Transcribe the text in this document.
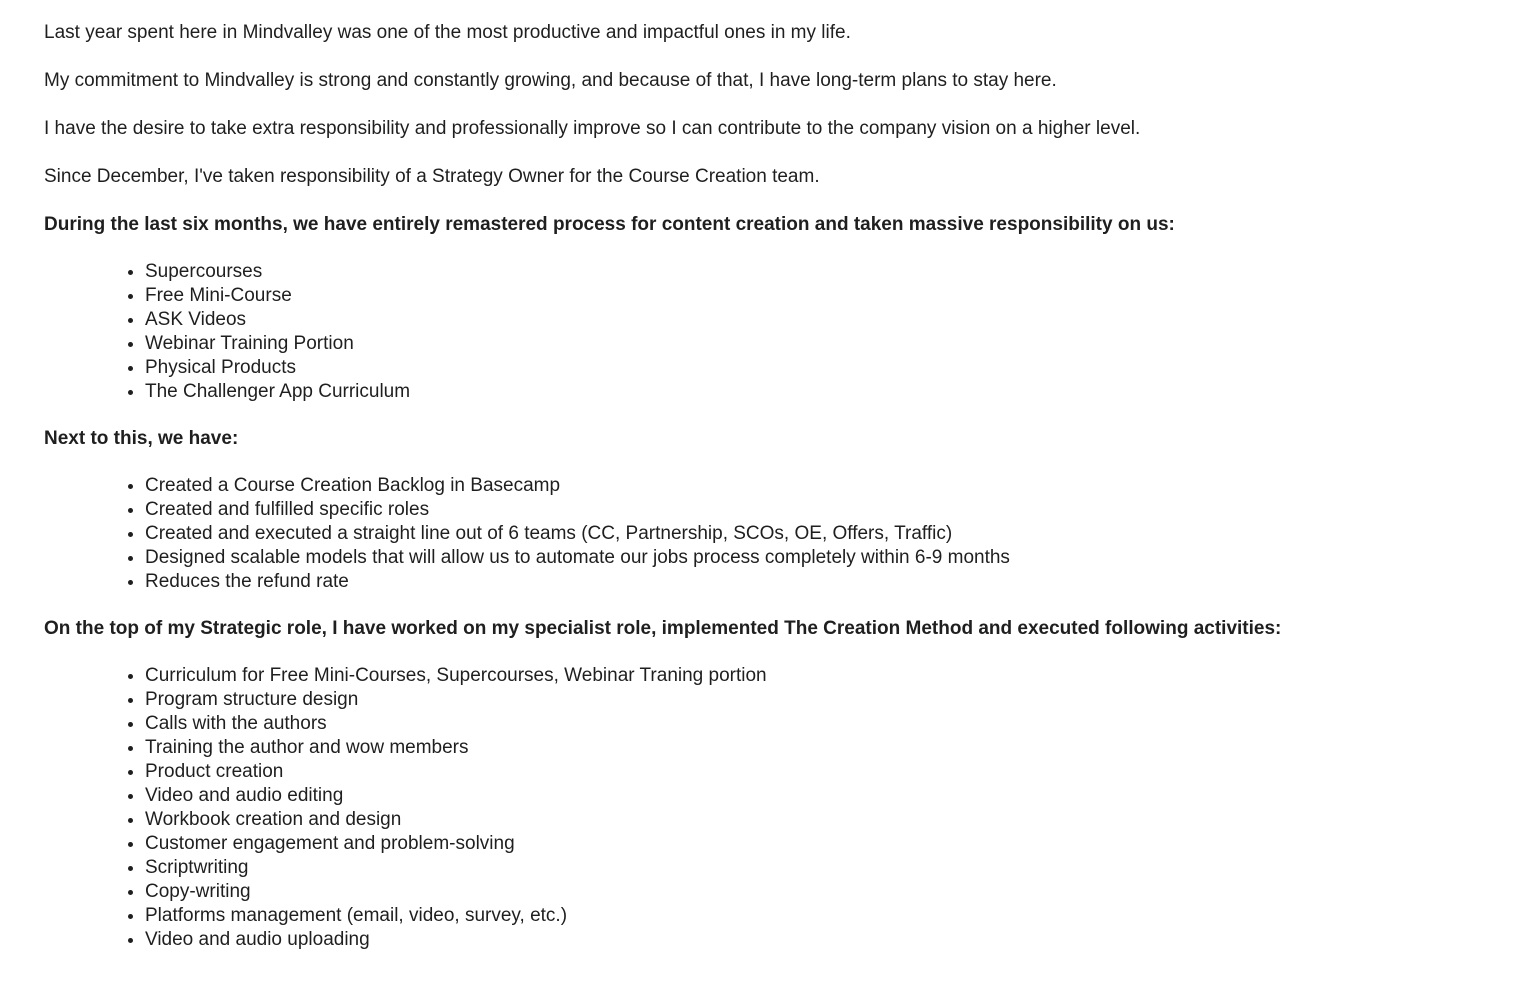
Last year spent here in Mindvalley was one of the most productive and impactful ones in my life.

My commitment to Mindvalley is strong and constantly growing, and because of that, I have long-term plans to stay here.

I have the desire to take extra responsibility and professionally improve so I can contribute to the company vision on a higher level.

Since December, I've taken responsibility of a Strategy Owner for the Course Creation team.

During the last six months, we have entirely remastered process for content creation and taken massive responsibility on us:

• Supercourses
• Free Mini-Course
• ASK Videos
• Webinar Training Portion
• Physical Products
• The Challenger App Curriculum

Next to this, we have:

• Created a Course Creation Backlog in Basecamp
• Created and fulfilled specific roles
• Created and executed a straight line out of 6 teams (CC, Partnership, SCOs, OE, Offers, Traffic)
• Designed scalable models that will allow us to automate our jobs process completely within 6-9 months
• Reduces the refund rate

On the top of my Strategic role, I have worked on my specialist role, implemented The Creation Method and executed following activities:

• Curriculum for Free Mini-Courses, Supercourses, Webinar Traning portion
• Program structure design
• Calls with the authors
• Training the author and wow members
• Product creation
• Video and audio editing
• Workbook creation and design
• Customer engagement and problem-solving
• Scriptwriting
• Copy-writing
• Platforms management (email, video, survey, etc.)
• Video and audio uploading
